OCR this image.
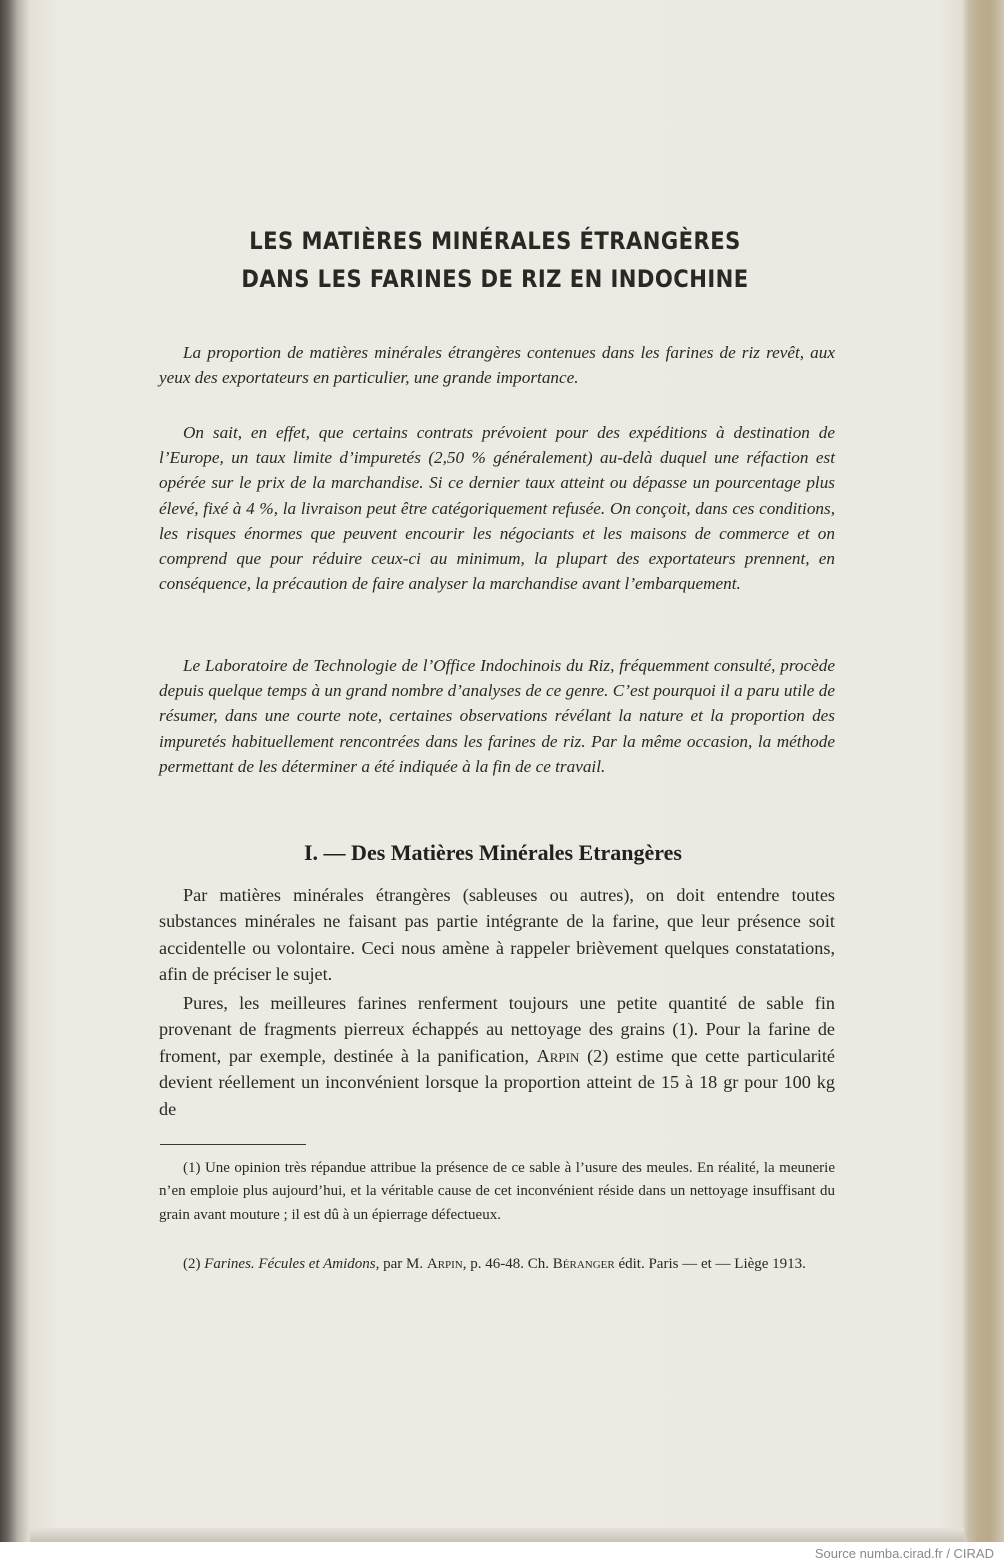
LES MATIÈRES MINÉRALES ÉTRANGÈRES
DANS LES FARINES DE RIZ EN INDOCHINE

La proportion de matières minérales étrangères contenues dans les farines de riz revêt, aux yeux des exportateurs en particulier, une grande importance.

On sait, en effet, que certains contrats prévoient pour des expéditions à destination de l’Europe, un taux limite d’impuretés (2,50 % généralement) au-delà duquel une réfaction est opérée sur le prix de la marchandise. Si ce dernier taux atteint ou dépasse un pourcentage plus élevé, fixé à 4 %, la livraison peut être catégoriquement refusée. On conçoit, dans ces conditions, les risques énormes que peuvent encourir les négociants et les maisons de commerce et on comprend que pour réduire ceux-ci au minimum, la plupart des exportateurs prennent, en conséquence, la précaution de faire analyser la marchandise avant l’embarquement.

Le Laboratoire de Technologie de l’Office Indochinois du Riz, fréquemment consulté, procède depuis quelque temps à un grand nombre d’analyses de ce genre. C’est pourquoi il a paru utile de résumer, dans une courte note, certaines observations révélant la nature et la proportion des impuretés habituellement rencontrées dans les farines de riz. Par la même occasion, la méthode permettant de les déterminer a été indiquée à la fin de ce travail.

I. — Des Matières Minérales Etrangères

Par matières minérales étrangères (sableuses ou autres), on doit entendre toutes substances minérales ne faisant pas partie intégrante de la farine, que leur présence soit accidentelle ou volontaire. Ceci nous amène à rappeler brièvement quelques constatations, afin de préciser le sujet.

Pures, les meilleures farines renferment toujours une petite quantité de sable fin provenant de fragments pierreux échappés au nettoyage des grains (1). Pour la farine de froment, par exemple, destinée à la panification, Arpin (2) estime que cette particularité devient réellement un inconvénient lorsque la proportion atteint de 15 à 18 gr pour 100 kg de

(1) Une opinion très répandue attribue la présence de ce sable à l’usure des meules. En réalité, la meunerie n’en emploie plus aujourd’hui, et la véritable cause de cet inconvénient réside dans un nettoyage insuffisant du grain avant mouture ; il est dû à un épierrage défectueux.

(2) Farines. Fécules et Amidons, par M. Arpin, p. 46-48. Ch. Béranger édit. Paris — et — Liège 1913.

Source numba.cirad.fr / CIRAD
